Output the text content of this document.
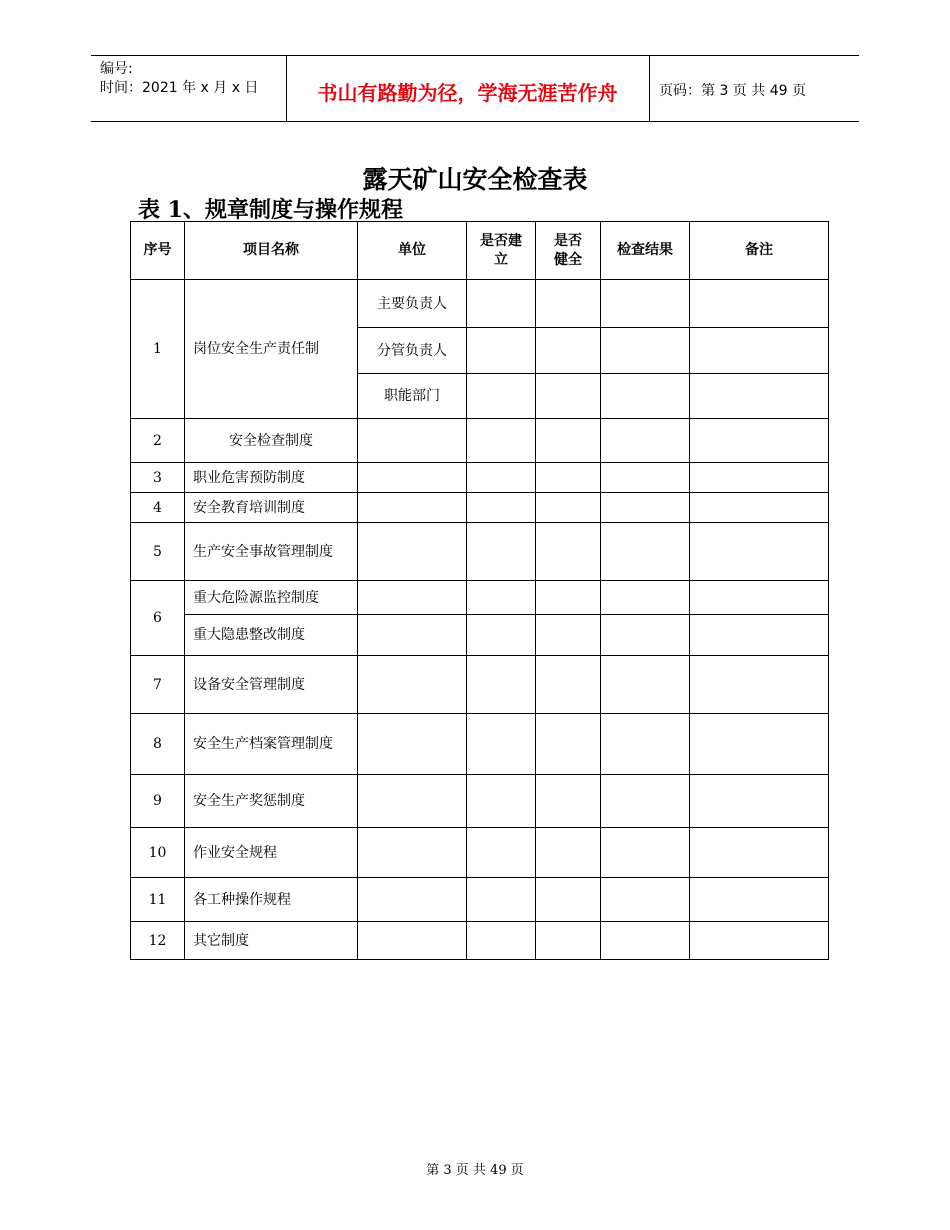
编号:
时间：2021 年 x 月 x 日	书山有路勤为径，学海无涯苦作舟	页码：第 3 页 共 49 页
露天矿山安全检查表
表 1、规章制度与操作规程
序号	项目名称	单位	是否建立	是否健全	检查结果	备注
1	岗位安全生产责任制	主要负责人				
		分管负责人				
		职能部门				
2	安全检查制度					
3	职业危害预防制度					
4	安全教育培训制度					
5	生产安全事故管理制度					
6	重大危险源监控制度					
	重大隐患整改制度					
7	设备安全管理制度					
8	安全生产档案管理制度					
9	安全生产奖惩制度					
10	作业安全规程					
11	各工种操作规程					
12	其它制度					
第 3 页 共 49 页
